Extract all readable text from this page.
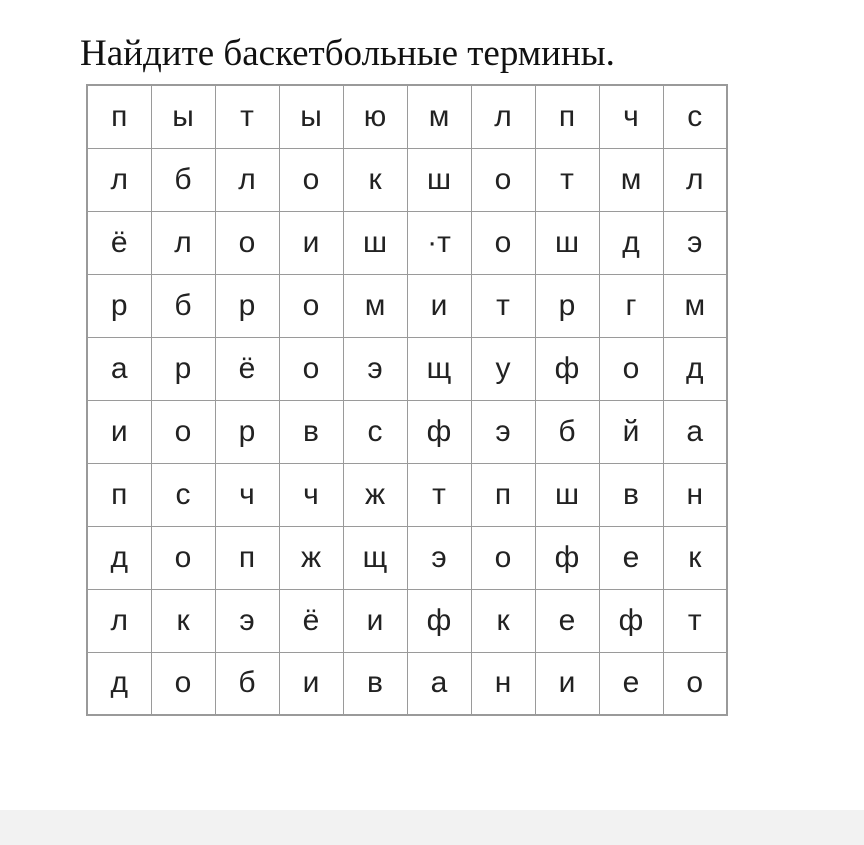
Найдите баскетбольные термины.
п	ы	т	ы	ю	м	л	п	ч	с
л	б	л	о	к	ш	о	т	м	л
ё	л	о	и	ш	·т	о	ш	д	э
р	б	р	о	м	и	т	р	г	м
а	р	ё	о	э	щ	у	ф	о	д
и	о	р	в	с	ф	э	б	й	а
п	с	ч	ч	ж	т	п	ш	в	н
д	о	п	ж	щ	э	о	ф	е	к
л	к	э	ё	и	ф	к	е	ф	т
д	о	б	и	в	а	н	и	е	о
